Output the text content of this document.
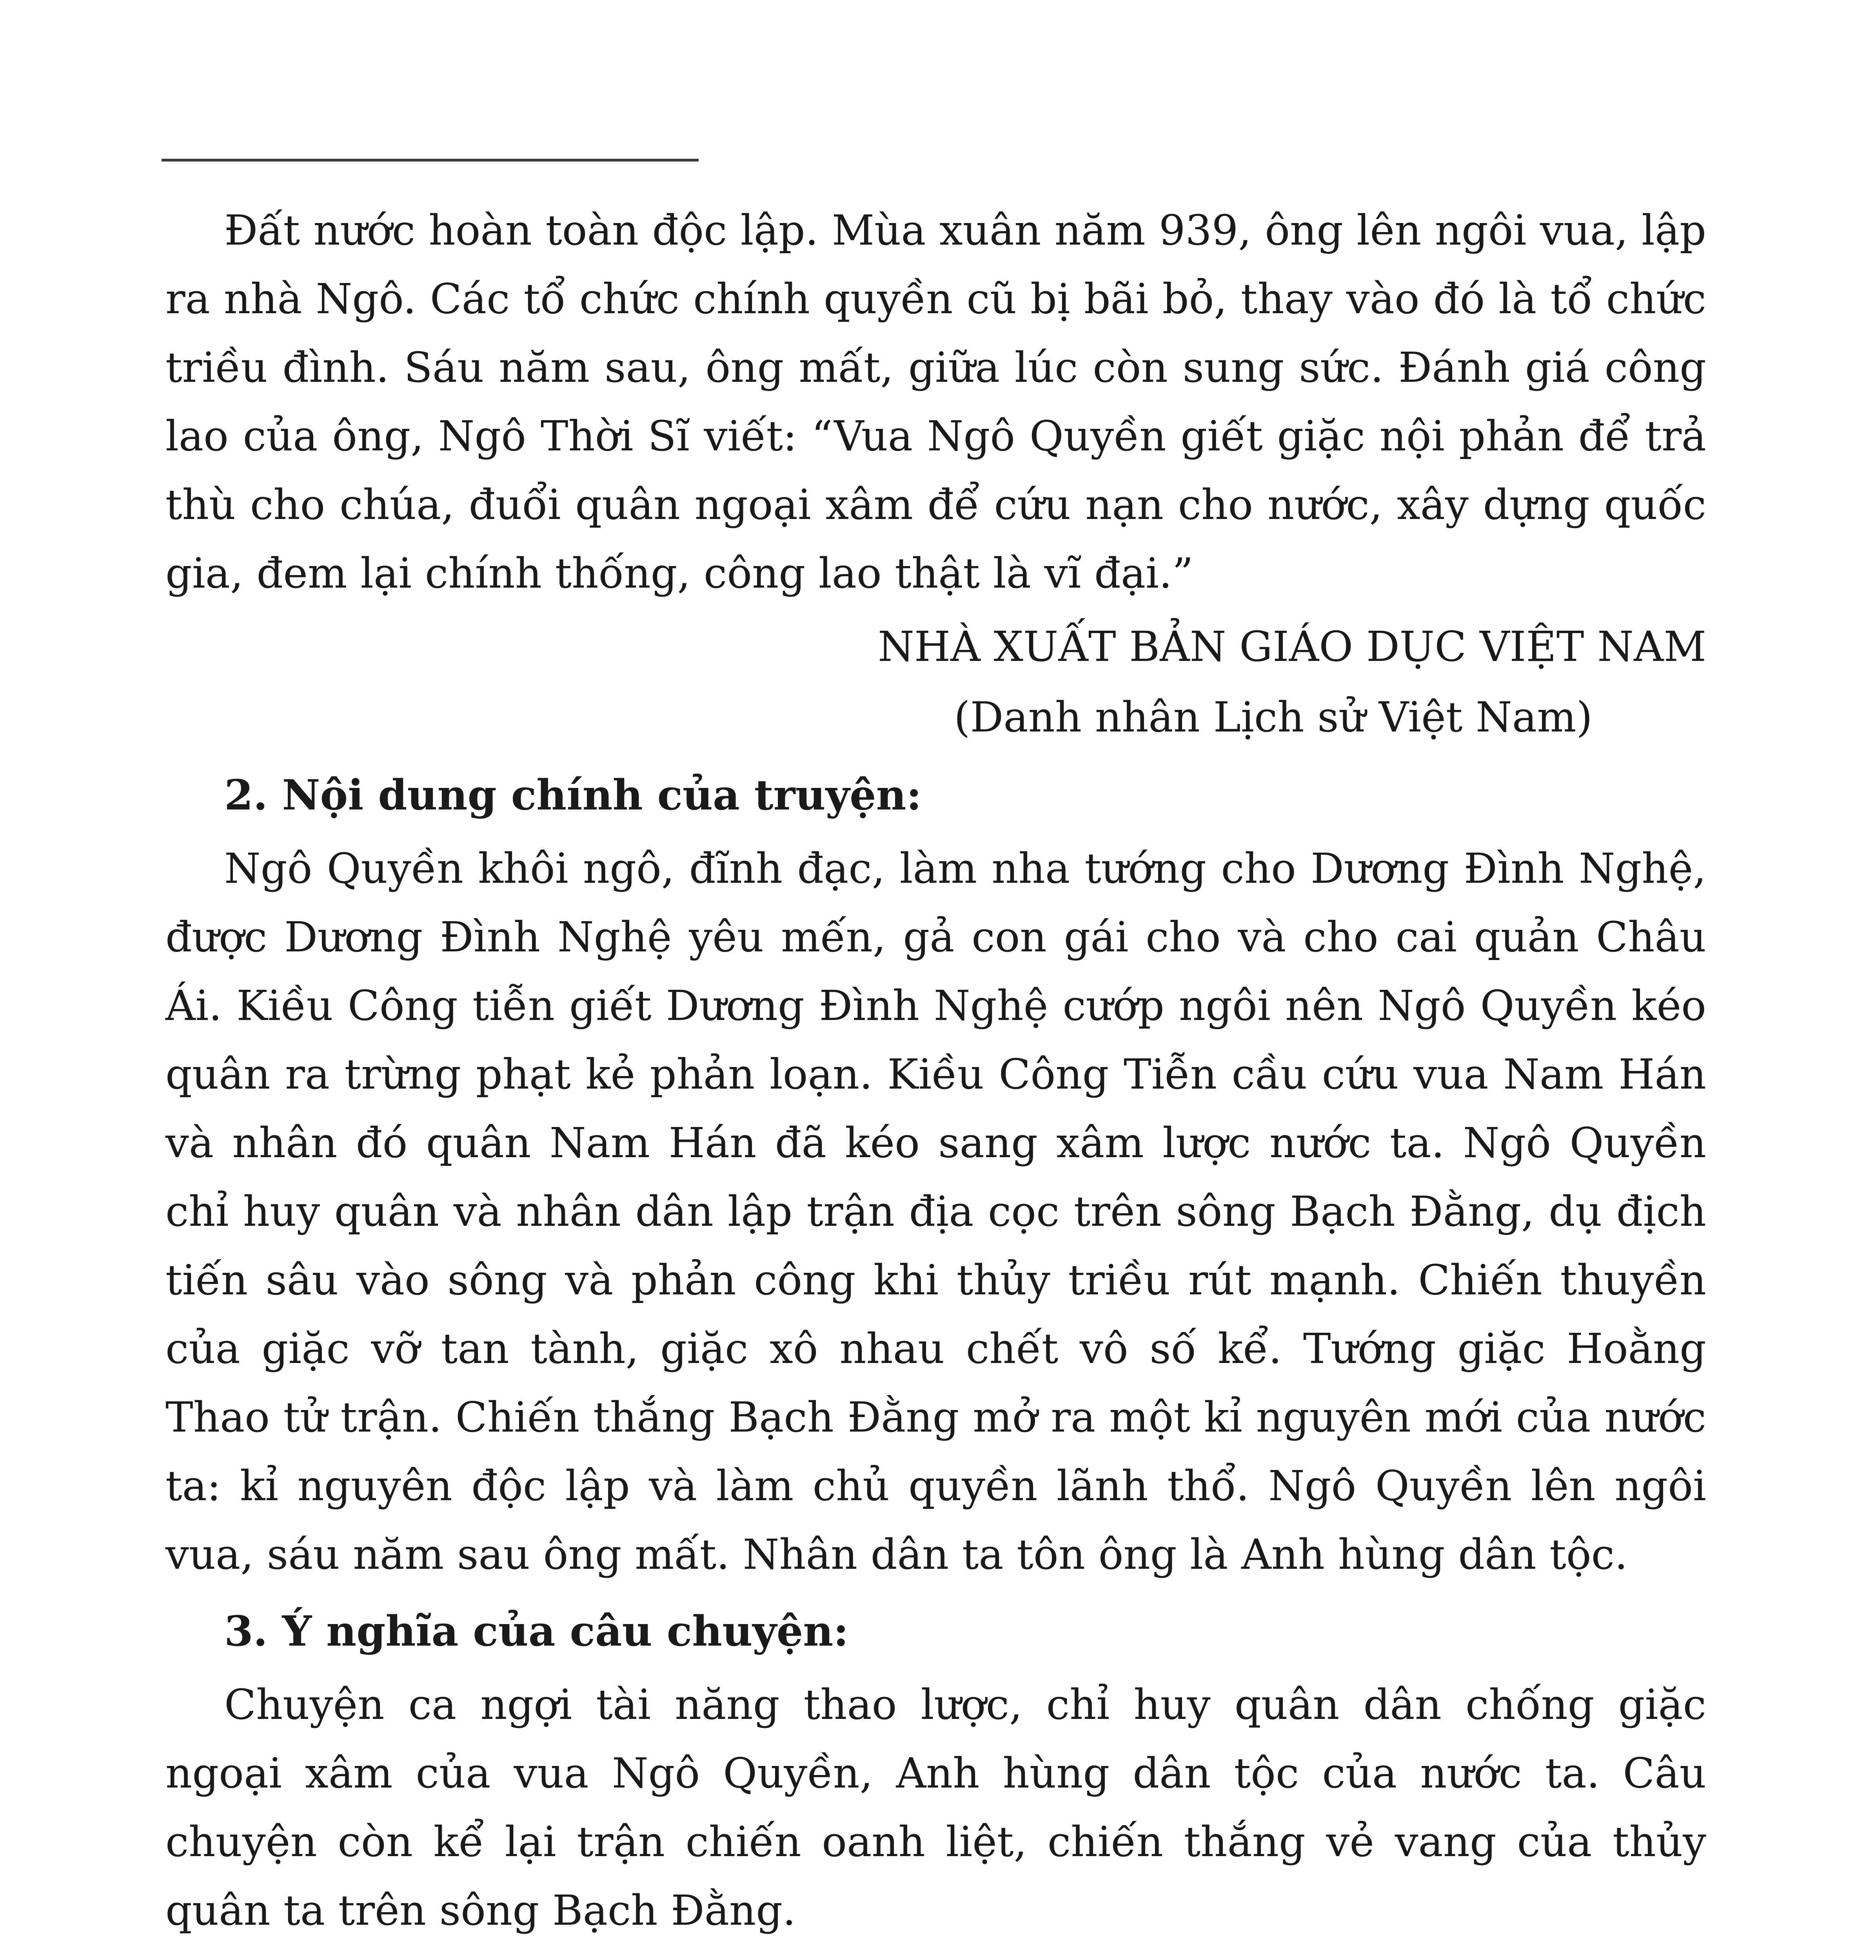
Đất nước hoàn toàn độc lập. Mùa xuân năm 939, ông lên ngôi vua, lập ra nhà Ngô. Các tổ chức chính quyền cũ bị bãi bỏ, thay vào đó là tổ chức triều đình. Sáu năm sau, ông mất, giữa lúc còn sung sức. Đánh giá công lao của ông, Ngô Thời Sĩ viết: “Vua Ngô Quyền giết giặc nội phản để trả thù cho chúa, đuổi quân ngoại xâm để cứu nạn cho nước, xây dựng quốc gia, đem lại chính thống, công lao thật là vĩ đại.”

NHÀ XUẤT BẢN GIÁO DỤC VIỆT NAM

(Danh nhân Lịch sử Việt Nam)

2. Nội dung chính của truyện:

Ngô Quyền khôi ngô, đĩnh đạc, làm nha tướng cho Dương Đình Nghệ, được Dương Đình Nghệ yêu mến, gả con gái cho và cho cai quản Châu Ái. Kiều Công tiễn giết Dương Đình Nghệ cướp ngôi nên Ngô Quyền kéo quân ra trừng phạt kẻ phản loạn. Kiều Công Tiễn cầu cứu vua Nam Hán và nhân đó quân Nam Hán đã kéo sang xâm lược nước ta. Ngô Quyền chỉ huy quân và nhân dân lập trận địa cọc trên sông Bạch Đằng, dụ địch tiến sâu vào sông và phản công khi thủy triều rút mạnh. Chiến thuyền của giặc vỡ tan tành, giặc xô nhau chết vô số kể. Tướng giặc Hoằng Thao tử trận. Chiến thắng Bạch Đằng mở ra một kỉ nguyên mới của nước ta: kỉ nguyên độc lập và làm chủ quyền lãnh thổ. Ngô Quyền lên ngôi vua, sáu năm sau ông mất. Nhân dân ta tôn ông là Anh hùng dân tộc.

3. Ý nghĩa của câu chuyện:

Chuyện ca ngợi tài năng thao lược, chỉ huy quân dân chống giặc ngoại xâm của vua Ngô Quyền, Anh hùng dân tộc của nước ta. Câu chuyện còn kể lại trận chiến oanh liệt, chiến thắng vẻ vang của thủy quân ta trên sông Bạch Đằng.
